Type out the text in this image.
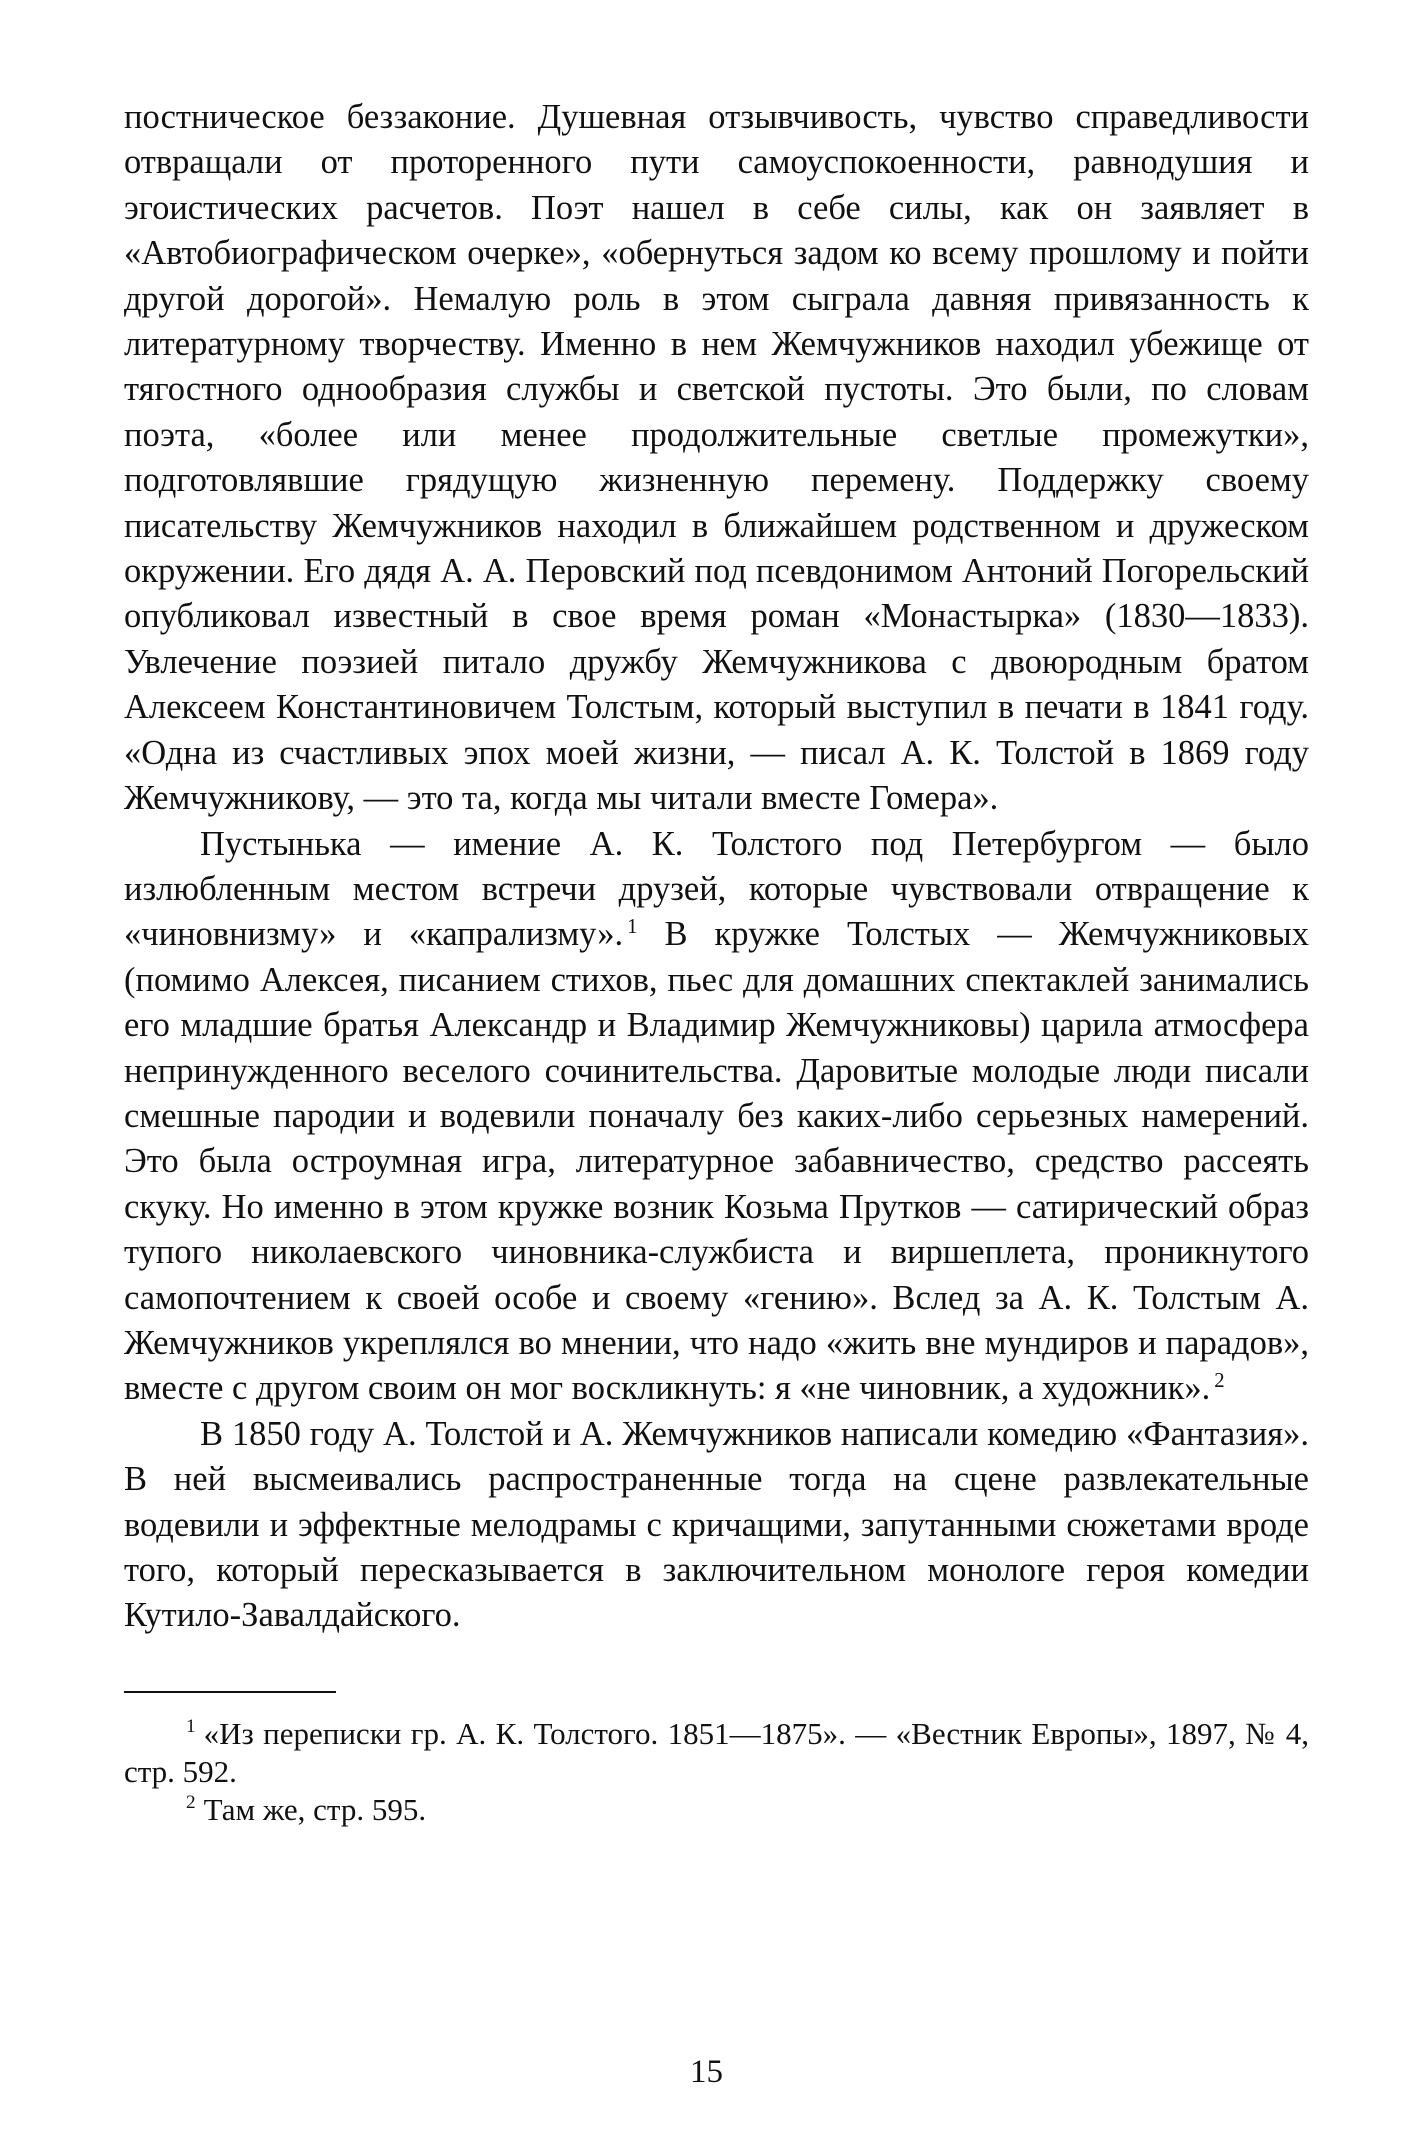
постническое беззаконие. Душевная отзывчивость, чувство справедливости отвращали от проторенного пути самоуспокоенности, равнодушия и эгоистических расчетов. Поэт нашел в себе силы, как он заявляет в «Автобиографическом очерке», «обернуться задом ко всему прошлому и пойти другой дорогой». Немалую роль в этом сыграла давняя привязанность к литературному творчеству. Именно в нем Жемчужников находил убежище от тягостного однообразия службы и светской пустоты. Это были, по словам поэта, «более или менее продолжительные светлые промежутки», подготовлявшие грядущую жизненную перемену. Поддержку своему писательству Жемчужников находил в ближайшем родственном и дружеском окружении. Его дядя А. А. Перовский под псевдонимом Антоний Погорельский опубликовал известный в свое время роман «Монастырка» (1830—1833). Увлечение поэзией питало дружбу Жемчужникова с двоюродным братом Алексеем Константиновичем Толстым, который выступил в печати в 1841 году. «Одна из счастливых эпох моей жизни, — писал А. К. Толстой в 1869 году Жемчужникову, — это та, когда мы читали вместе Гомера».

Пустынька — имение А. К. Толстого под Петербургом — было излюбленным местом встречи друзей, которые чувствовали отвращение к «чиновнизму» и «капрализму». $^1$ В кружке Толстых — Жемчужниковых (помимо Алексея, писанием стихов, пьес для домашних спектаклей занимались его младшие братья Александр и Владимир Жемчужниковы) царила атмосфера непринужденного веселого сочинительства. Даровитые молодые люди писали смешные пародии и водевили поначалу без каких-либо серьезных намерений. Это была остроумная игра, литературное забавничество, средство рассеять скуку. Но именно в этом кружке возник Козьма Прутков — сатирический образ тупого николаевского чиновника-службиста и виршеплета, проникнутого самопочтением к своей особе и своему «гению». Вслед за А. К. Толстым А. Жемчужников укреплялся во мнении, что надо «жить вне мундиров и парадов», вместе с другом своим он мог воскликнуть: я «не чиновник, а художник». $^2$

В 1850 году А. Толстой и А. Жемчужников написали комедию «Фантазия». В ней высмеивались распространенные тогда на сцене развлекательные водевили и эффектные мелодрамы с кричащими, запутанными сюжетами вроде того, который пересказывается в заключительном монологе героя комедии Кутило-Завалдайского.

$^1$ «Из переписки гр. А. К. Толстого. 1851—1875». — «Вестник Европы», 1897, № 4, стр. 592.

$^2$ Там же, стр. 595.

15
